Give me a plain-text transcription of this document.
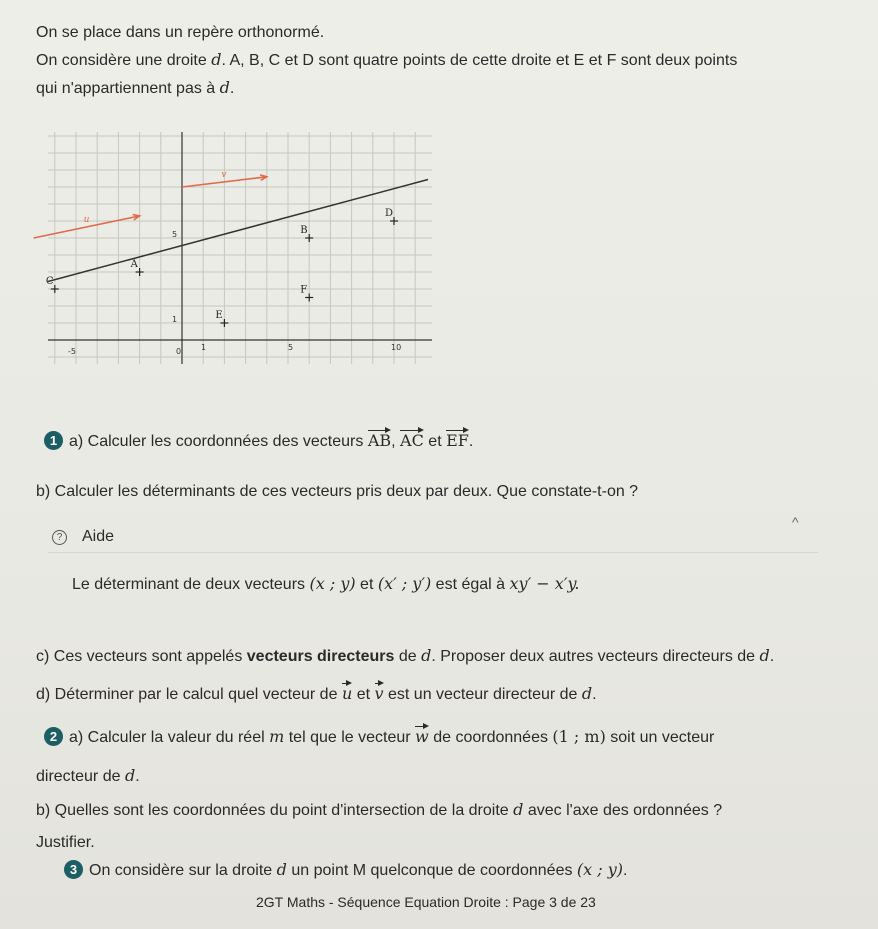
On se place dans un repère orthonormé.
On considère une droite d. A, B, C et D sont quatre points de cette droite et E et F sont deux points
qui n'appartiennent pas à d.
u
v
A
B
C
D
E
F
-5	0 1	5	10
1
5
1 a) Calculer les coordonnées des vecteurs AB, AC et EF.
b) Calculer les déterminants de ces vecteurs pris deux par deux. Que constate-t-on ?
? Aide
^
Le déterminant de deux vecteurs (x ; y) et (x′ ; y′) est égal à xy′ − x′y.
c) Ces vecteurs sont appelés vecteurs directeurs de d. Proposer deux autres vecteurs directeurs de d.
d) Déterminer par le calcul quel vecteur de u et v est un vecteur directeur de d.
2 a) Calculer la valeur du réel m tel que le vecteur w de coordonnées (1 ; m) soit un vecteur
directeur de d.
b) Quelles sont les coordonnées du point d'intersection de la droite d avec l'axe des ordonnées ?
Justifier.
3 On considère sur la droite d un point M quelconque de coordonnées (x ; y).
2GT Maths - Séquence Equation Droite : Page 3 de 23
